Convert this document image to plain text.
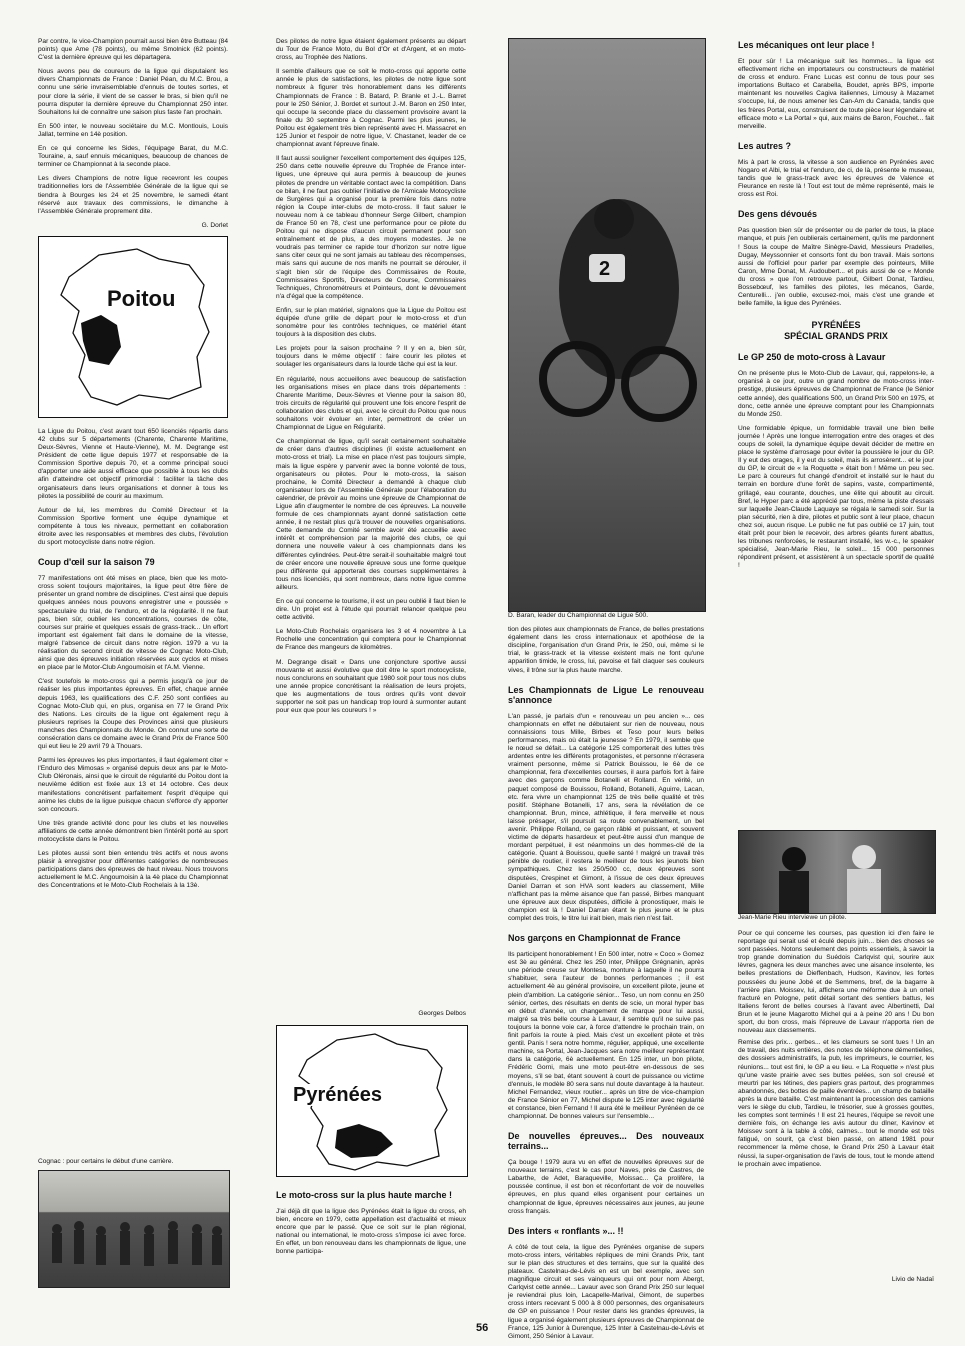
Par contre, le vice-Champion pourrait aussi bien être Butteau (84 points) que Ame (78 points), ou même Smolnick (62 points). C'est la dernière épreuve qui les départagera.

Nous avons peu de coureurs de la ligue qui disputaient les divers Championnats de France : Daniel Péan, du M.C. Brou, a connu une série invraisemblable d'ennuis de toutes sortes, et pour clore la série, il vient de se casser le bras, si bien qu'il ne pourra disputer la dernière épreuve du Championnat 250 inter. Souhaitons lui de connaître une saison plus faste l'an prochain.

En 500 inter, le nouveau sociétaire du M.C. Montlouis, Louis Jallat, termine en 14è position.

En ce qui concerne les Sides, l'équipage Barat, du M.C. Touraine, a, sauf ennuis mécaniques, beaucoup de chances de terminer ce Championnat à la seconde place.

Les divers Champions de notre ligue recevront les coupes traditionnelles lors de l'Assemblée Générale de la ligue qui se tiendra à Bourges les 24 et 25 novembre, le samedi étant réservé aux travaux des commissions, le dimanche à l'Assemblée Générale proprement dite.

G. Dorlet

Poitou

La Ligue du Poitou, c'est avant tout 650 licenciés répartis dans 42 clubs sur 5 départements (Charente, Charente Maritime, Deux-Sèvres, Vienne et Haute-Vienne), M. M. Degrange est Président de cette ligue depuis 1977 et responsable de la Commission Sportive depuis 70, et a comme principal souci d'apporter une aide aussi efficace que possible à tous les clubs afin d'atteindre cet objectif primordial : faciliter la tâche des organisateurs dans leurs organisations et donner à tous les pilotes la possibilité de courir au maximum.

Autour de lui, les membres du Comité Directeur et la Commission Sportive forment une équipe dynamique et compétente à tous les niveaux, permettant en collaboration étroite avec les responsables et membres des clubs, l'évolution du sport motocycliste dans notre région.

Coup d'œil sur la saison 79

77 manifestations ont été mises en place, bien que les moto-cross soient toujours majoritaires, la ligue peut être fière de présenter un grand nombre de disciplines. C'est ainsi que depuis quelques années nous pouvons enregistrer une « poussée » spectaculaire du trial, de l'enduro, et de la régularité. Il ne faut pas, bien sûr, oublier les concentrations, courses de côte, courses sur prairie et quelques essais de grass-track... Un effort important est également fait dans le domaine de la vitesse, malgré l'absence de circuit dans notre région. 1979 a vu la réalisation du second circuit de vitesse de Cognac Moto-Club, ainsi que des épreuves initiation réservées aux cyclos et mises en place par le Motor-Club Angoumoisin et l'A.M. Vienne.

C'est toutefois le moto-cross qui a permis jusqu'à ce jour de réaliser les plus importantes épreuves. En effet, chaque année depuis 1963, les qualifications des C.F. 250 sont confiées au Cognac Moto-Club qui, en plus, organisa en 77 le Grand Prix des Nations. Les circuits de la ligue ont également reçu à plusieurs reprises la Coupe des Provinces ainsi que plusieurs manches des Championnats du Monde. On connut une sorte de consécration dans ce domaine avec le Grand Prix de France 500 qui eut lieu le 29 avril 79 à Thouars.

Parmi les épreuves les plus importantes, il faut également citer « l'Enduro des Mimosas » organisé depuis deux ans par le Moto-Club Oléronais, ainsi que le circuit de régularité du Poitou dont la neuvième édition est fixée aux 13 et 14 octobre. Ces deux manifestations concrétisent parfaitement l'esprit d'équipe qui anime les clubs de la ligue puisque chacun s'efforce d'y apporter son concours.

Une très grande activité donc pour les clubs et les nouvelles affiliations de cette année démontrent bien l'intérêt porté au sport motocycliste dans le Poitou.

Les pilotes aussi sont bien entendu très actifs et nous avons plaisir à enregistrer pour différentes catégories de nombreuses participations dans des épreuves de haut niveau. Nous trouvons actuellement le M.C. Angoumoisin à la 4è place du Championnat des Concentrations et le Moto-Club Rochelais à la 13è.

Cognac : pour certains le début d'une carrière.

Des pilotes de notre ligue étaient également présents au départ du Tour de France Moto, du Bol d'Or et d'Argent, et en moto-cross, au Trophée des Nations.

Il semble d'ailleurs que ce soit le moto-cross qui apporte cette année le plus de satisfactions, les pilotes de notre ligue sont nombreux à figurer très honorablement dans les différents Championnats de France : B. Batard, P. Branle et J.-L. Barret pour le 250 Sénior, J. Bordet et surtout J.-M. Baron en 250 Inter, qui occupe la seconde place du classement provisoire avant la finale du 30 septembre à Cognac. Parmi les plus jeunes, le Poitou est également très bien représenté avec H. Massacret en 125 Junior et l'espoir de notre ligue, V. Chastanet, leader de ce championnat avant l'épreuve finale.

Il faut aussi souligner l'excellent comportement des équipes 125, 250 dans cette nouvelle épreuve du Trophée de France inter-ligues, une épreuve qui aura permis à beaucoup de jeunes pilotes de prendre un véritable contact avec la compétition. Dans ce bilan, il ne faut pas oublier l'initiative de l'Amicale Motocycliste de Surgères qui a organisé pour la première fois dans notre région la Coupe inter-clubs de moto-cross. Il faut saluer le nouveau nom à ce tableau d'honneur Serge Gilbert, champion de France 50 en 78, c'est une performance pour ce pilote du Poitou qui ne dispose d'aucun circuit permanent pour son entraînement et de plus, a des moyens modestes. Je ne voudrais pas terminer ce rapide tour d'horizon sur notre ligue sans citer ceux qui ne sont jamais au tableau des récompenses, mais sans qui aucune de nos manifs ne pourrait se dérouler, il s'agit bien sûr de l'équipe des Commissaires de Route, Commissaires Sportifs, Directeurs de Course, Commissaires Techniques, Chronométreurs et Pointeurs, dont le dévouement n'a d'égal que la compétence.

Enfin, sur le plan matériel, signalons que la Ligue du Poitou est équipée d'une grille de départ pour le moto-cross et d'un sonomètre pour les contrôles techniques, ce matériel étant toujours à la disposition des clubs.

Les projets pour la saison prochaine ? Il y en a, bien sûr, toujours dans le même objectif : faire courir les pilotes et soulager les organisateurs dans la lourde tâche qui est la leur.

En régularité, nous accueillons avec beaucoup de satisfaction les organisations mises en place dans trois départements : Charente Maritime, Deux-Sèvres et Vienne pour la saison 80, trois circuits de régularité qui prouvent une fois encore l'esprit de collaboration des clubs et qui, avec le circuit du Poitou que nous souhaitons voir évoluer en inter, permettront de créer un Championnat de Ligue en Régularité.

Ce championnat de ligue, qu'il serait certainement souhaitable de créer dans d'autres disciplines (il existe actuellement en moto-cross et trial). La mise en place n'est pas toujours simple, mais la ligue espère y parvenir avec la bonne volonté de tous, organisateurs ou pilotes. Pour le moto-cross, la saison prochaine, le Comité Directeur a demandé à chaque club organisateur lors de l'Assemblée Générale pour l'élaboration du calendrier, de prévoir au moins une épreuve de Championnat de Ligue afin d'augmenter le nombre de ces épreuves. La nouvelle formule de ces championnats ayant donné satisfaction cette année, il ne restait plus qu'à trouver de nouvelles organisations. Cette demande du Comité semble avoir été accueillie avec intérêt et compréhension par la majorité des clubs, ce qui donnera une nouvelle valeur à ces championnats dans les différentes cylindrées. Peut-être serait-il souhaitable malgré tout de créer encore une nouvelle épreuve sous une forme quelque peu différente qui apporterait des courses supplémentaires à tous nos licenciés, qui sont nombreux, dans notre ligue comme ailleurs.

En ce qui concerne le tourisme, il est un peu oublié il faut bien le dire. Un projet est à l'étude qui pourrait relancer quelque peu cette activité.

Le Moto-Club Rochelais organisera les 3 et 4 novembre à La Rochelle une concentration qui comptera pour le Championnat de France des mangeurs de kilomètres.

M. Degrange disait « Dans une conjoncture sportive aussi mouvante et aussi évolutive que doit être le sport motocycliste, nous conclurons en souhaitant que 1980 soit pour tous nos clubs une année propice concrétisant la réalisation de leurs projets, que les augmentations de tous ordres qu'ils vont devoir supporter ne soit pas un handicap trop lourd à surmonter autant pour eux que pour les coureurs ! »

Georges Delbos
Pyrénées
Le moto-cross sur la plus haute marche !

J'ai déjà dit que la ligue des Pyrénées était la ligue du cross, eh bien, encore en 1979, cette appellation est d'actualité et mieux encore que par le passé. Que ce soit sur le plan régional, national ou international, le moto-cross s'impose ici avec force. En effet, un bon renouveau dans les championnats de ligue, une bonne participa-

2

D. Baran, leader du Championnat de Ligue 500.

tion des pilotes aux championnats de France, de belles prestations également dans les cross internationaux et apothéose de la discipline, l'organisation d'un Grand Prix, le 250, oui, même si le trial, le grass-track et la vitesse existent mais ne font qu'une apparition timide, le cross, lui, pavoise et fait claquer ses couleurs vives, il trône sur la plus haute marche.

Les Championnats de Ligue Le renouveau s'annonce

L'an passé, je parlais d'un « renouveau un peu ancien »... ces championnats en effet ne débutaient sur rien de nouveau, nous connaissions tous Mille, Birbes et Teso pour leurs belles performances, mais où était la jeunesse ? En 1979, il semble que le nœud se défait... La catégorie 125 comporterait des luttes très ardentes entre les différents protagonistes, et personne n'écrasera vraiment personne, même si Patrick Bouissou, le 6è de ce championnat, fera d'excellentes courses, il aura parfois fort à faire avec des garçons comme Botanelli et Rolland. En vérité, un paquet composé de Bouissou, Rolland, Botanelli, Aguirre, Lacan, etc. fera vivre un championnat 125 de très belle qualité et très positif. Stéphane Botanelli, 17 ans, sera la révélation de ce championnat. Brun, mince, athlétique, il fera merveille et nous laisse présager, s'il poursuit sa route convenablement, un bel avenir. Philippe Rolland, ce garçon râblé et puissant, et souvent victime de départs hasardeux et peut-être aussi d'un manque de mordant perpétuel, il est néanmoins un des hommes-clé de la catégorie. Quant à Bouissou, quelle santé ! malgré un travail très pénible de routier, il restera le meilleur de tous les jeunots bien sympathiques. Chez les 250/500 cc, deux épreuves sont disputées, Crespinet et Gimont, à l'issue de ces deux épreuves Daniel Darran et son HVA sont leaders au classement, Mille n'affichant pas la même aisance que l'an passé, Birbes manquant une épreuve aux deux disputées, difficile à pronostiquer, mais le champion est là ! Daniel Darran étant le plus jeune et le plus complet des trois, le titre lui irait bien, mais rien n'est fait.

Nos garçons en Championnat de France

Ils participent honorablement ! En 500 inter, notre « Coco » Gomez est 3è au général. Chez les 250 inter, Philippe Grégnanin, après une période creuse sur Montesa, monture à laquelle il ne pourra s'habituer, sera l'auteur de bonnes performances ; il est actuellement 4è au général provisoire, un excellent pilote, jeune et plein d'ambition. La catégorie sénior... Teso, un nom connu en 250 sénior, certes, des résultats en dents de scie, un moral hyper bas en début d'année, un changement de marque pour lui aussi, malgré sa très belle course à Lavaur, il semble qu'il ne suive pas toujours la bonne voie car, à force d'attendre le prochain train, on finit parfois la route à pied. Mais c'est un excellent pilote et très gentil. Panis ! sera notre homme, régulier, appliqué, une excellente machine, sa Portal, Jean-Jacques sera notre meilleur représentant dans la catégorie, 6è actuellement. En 125 inter, un bon pilote, Frédéric Gorni, mais une moto peut-être en-dessous de ses moyens, s'il se bat, étant souvent à court de puissance ou victime d'ennuis, le modèle 80 sera sans nul doute davantage à la hauteur. Michel Fernandez, vieux routier... après un titre de vice-champion de France Sénior en 77, Michel dispute le 125 inter avec régularité et constance, bien Fernand ! Il aura été le meilleur Pyrénéen de ce championnat. De bonnes valeurs sur l'ensemble...

De nouvelles épreuves... Des nouveaux terrains...

Ça bouge ! 1979 aura vu en effet de nouvelles épreuves sur de nouveaux terrains, c'est le cas pour Naves, près de Castres, de Labarthe, de Adet, Baraqueville, Moissac... Ça prolifère, la poussée continue, il est bon et réconfortant de voir de nouvelles épreuves, en plus quand elles organisent pour certaines un championnat de ligue, épreuves nécessaires aux jeunes, au jeune cross français.

Des inters « ronflants »... !!

A côté de tout cela, la ligue des Pyrénées organise de supers moto-cross inters, véritables répliques de mini Grands Prix, tant sur le plan des structures et des terrains, que sur la qualité des plateaux. Castelnau-de-Lévis en est un bel exemple, avec son magnifique circuit et ses vainqueurs qui ont pour nom Abergt, Carlqvist cette année... Lavaur avec son Grand Prix 250 sur lequel je reviendrai plus loin, Lacapelle-Marival, Gimont, de superbes cross inters recevant 5 000 à 8 000 personnes, des organisateurs de GP en puissance ! Pour rester dans les grandes épreuves, la ligue a organisé également plusieurs épreuves de Championnat de France, 125 Junior à Durenque, 125 Inter à Castelnau-de-Lévis et Gimont, 250 Sénior à Lavaur.

Les mécaniques ont leur place !

Et pour sûr ! La mécanique suit les hommes... la ligue est effectivement riche en importateurs ou constructeurs de matériel de cross et enduro. Franc Lucas est connu de tous pour ses importations Bultaco et Carabella, Boudet, après BPS, importe maintenant les nouvelles Cagiva italiennes, Limousy à Mazamet s'occupe, lui, de nous amener les Can-Am du Canada, tandis que les frères Portal, eux, construisent de toute pièce leur légendaire et efficace moto « La Portal » qui, aux mains de Baron, Fouchet... fait merveille.

Les autres ?

Mis à part le cross, la vitesse a son audience en Pyrénées avec Nogaro et Albi, le trial et l'enduro, de ci, de là, présente le museau, tandis que le grass-track avec les épreuves de Valence et Fleurance en reste là ! Tout est tout de même représenté, mais le cross est Roi.

Des gens dévoués

Pas question bien sûr de présenter ou de parler de tous, la place manque, et puis j'en oublierais certainement, qu'ils me pardonnent ! Sous la coupe de Maître Sinègre-David, Messieurs Pradelles, Dugay, Meyssonnier et consorts font du bon travail. Mais sortons aussi de l'officiel pour parler par exemple des pointeurs, Mille Caron, Mme Donat, M. Audoubert... et puis aussi de ce « Monde du cross » que l'on retrouve partout, Gilbert Donat, Tardieu, Bossebœuf, les familles des pilotes, les mécanos, Garde, Centurelli... j'en oublie, excusez-moi, mais c'est une grande et belle famille, la ligue des Pyrénées.

PYRÉNÉES
SPÉCIAL GRANDS PRIX
Le GP 250 de moto-cross à Lavaur

On ne présente plus le Moto-Club de Lavaur, qui, rappelons-le, a organisé à ce jour, outre un grand nombre de moto-cross inter-prestige, plusieurs épreuves de Championnat de France (le Sénior cette année), des qualifications 500, un Grand Prix 500 en 1975, et donc, cette année une épreuve comptant pour les Championnats du Monde 250.

Une formidable épique, un formidable travail une bien belle journée ! Après une longue interrogation entre des orages et des coups de soleil, la dynamique équipe devait décider de mettre en place le système d'arrosage pour éviter la poussière le jour du GP. Il y eut des orages, il y eut du soleil, mais ils arrosèrent... et le jour du GP, le circuit de « la Roquette » était bon ! Même un peu sec. Le parc à coureurs fut changé d'endroit et installé sur le haut du terrain en bordure d'une forêt de sapins, vaste, compartimenté, grillagé, eau courante, douches, une élite qui aboutit au circuit. Bref, le Hyper parc a été apprécié par tous, même la piste d'essais sur laquelle Jean-Claude Laquaye se régala le samedi soir. Sur la plan sécurité, rien à dire, pilotes et public sont à leur place, chacun chez soi, aucun risque. Le public ne fut pas oublié ce 17 juin, tout était prêt pour bien le recevoir, des arbres géants furent abattus, les tribunes renforcées, le restaurant installé, les w.-c., le speaker spécialisé, Jean-Marie Rieu, le soleil... 15 000 personnes répondirent présent, et assistèrent à un spectacle sportif de qualité !

Jean-Marie Rieu interviewe un pilote.

Pour ce qui concerne les courses, pas question ici d'en faire le reportage qui serait usé et éculé depuis juin... bien des choses se sont passées. Notons seulement des points essentiels, à savoir la trop grande domination du Suédois Carlqvist qui, sourire aux lèvres, gagnera les deux manches avec une aisance insolente, les belles prestations de Dieffenbach, Hudson, Kavinov, les fortes poussées du jeune Jobé et de Semmens, bref, de la bagarre à l'arrière plan. Moissev, lui, affichera une méforme due à un orteil fracturé en Pologne, petit détail sortant des sentiers battus, les Italiens feront de belles courses à l'avant avec Albertinetti, Dal Brun et le jeune Magarotto Michel qui a à peine 20 ans ! Du bon sport, du bon cross, mais l'épreuve de Lavaur n'apporta rien de nouveau aux classements.

Remise des prix... gerbes... et les clameurs se sont tues ! Un an de travail, des nuits entières, des notes de téléphone démentielles, des dossiers administratifs, la pub, les imprimeurs, le courrier, les réunions... tout est fini, le GP a eu lieu. « La Roquette » n'est plus qu'une vaste prairie avec ses buttes pelées, son sol creusé et meurtri par les tétines, des papiers gras partout, des programmes abandonnés, des bottes de paille éventrées... un champ de bataille après la dure bataille. C'est maintenant la procession des camions vers le siège du club, Tardieu, le trésorier, sue à grosses gouttes, les comptes sont terminés ! Il est 21 heures, l'équipe se revoit une dernière fois, on échange les avis autour du dîner, Kavinov et Moissev sont à la table à côté, calmes... tout le monde est très fatigué, on sourit, ça c'est bien passé, on attend 1981 pour recommencer la même chose, le Grand Prix 250 à Lavaur était réussi, la super-organisation de l'avis de tous, tout le monde attend le prochain avec impatience.

Livio de Nadaï
56
